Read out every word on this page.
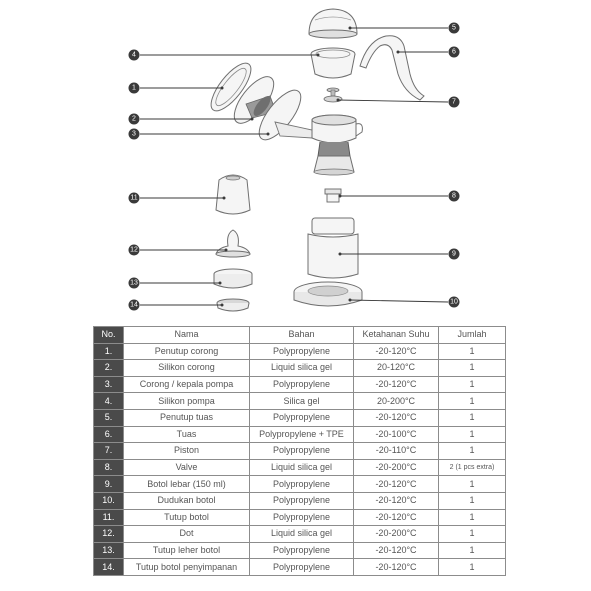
1
2
3
4
5
6
7
8
9
10
11
12
13
14
No.	Nama	Bahan	Ketahanan Suhu	Jumlah
1.	Penutup corong	Polypropylene	-20-120°C	1
2.	Silikon corong	Liquid silica gel	20-120°C	1
3.	Corong / kepala pompa	Polypropylene	-20-120°C	1
4.	Silikon pompa	Silica gel	20-200°C	1
5.	Penutup tuas	Polypropylene	-20-120°C	1
6.	Tuas	Polypropylene + TPE	-20-100°C	1
7.	Piston	Polypropylene	-20-110°C	1
8.	Valve	Liquid silica gel	-20-200°C	2 (1 pcs extra)
9.	Botol lebar (150 ml)	Polypropylene	-20-120°C	1
10.	Dudukan botol	Polypropylene	-20-120°C	1
11.	Tutup botol	Polypropylene	-20-120°C	1
12.	Dot	Liquid silica gel	-20-200°C	1
13.	Tutup leher botol	Polypropylene	-20-120°C	1
14.	Tutup botol penyimpanan	Polypropylene	-20-120°C	1
